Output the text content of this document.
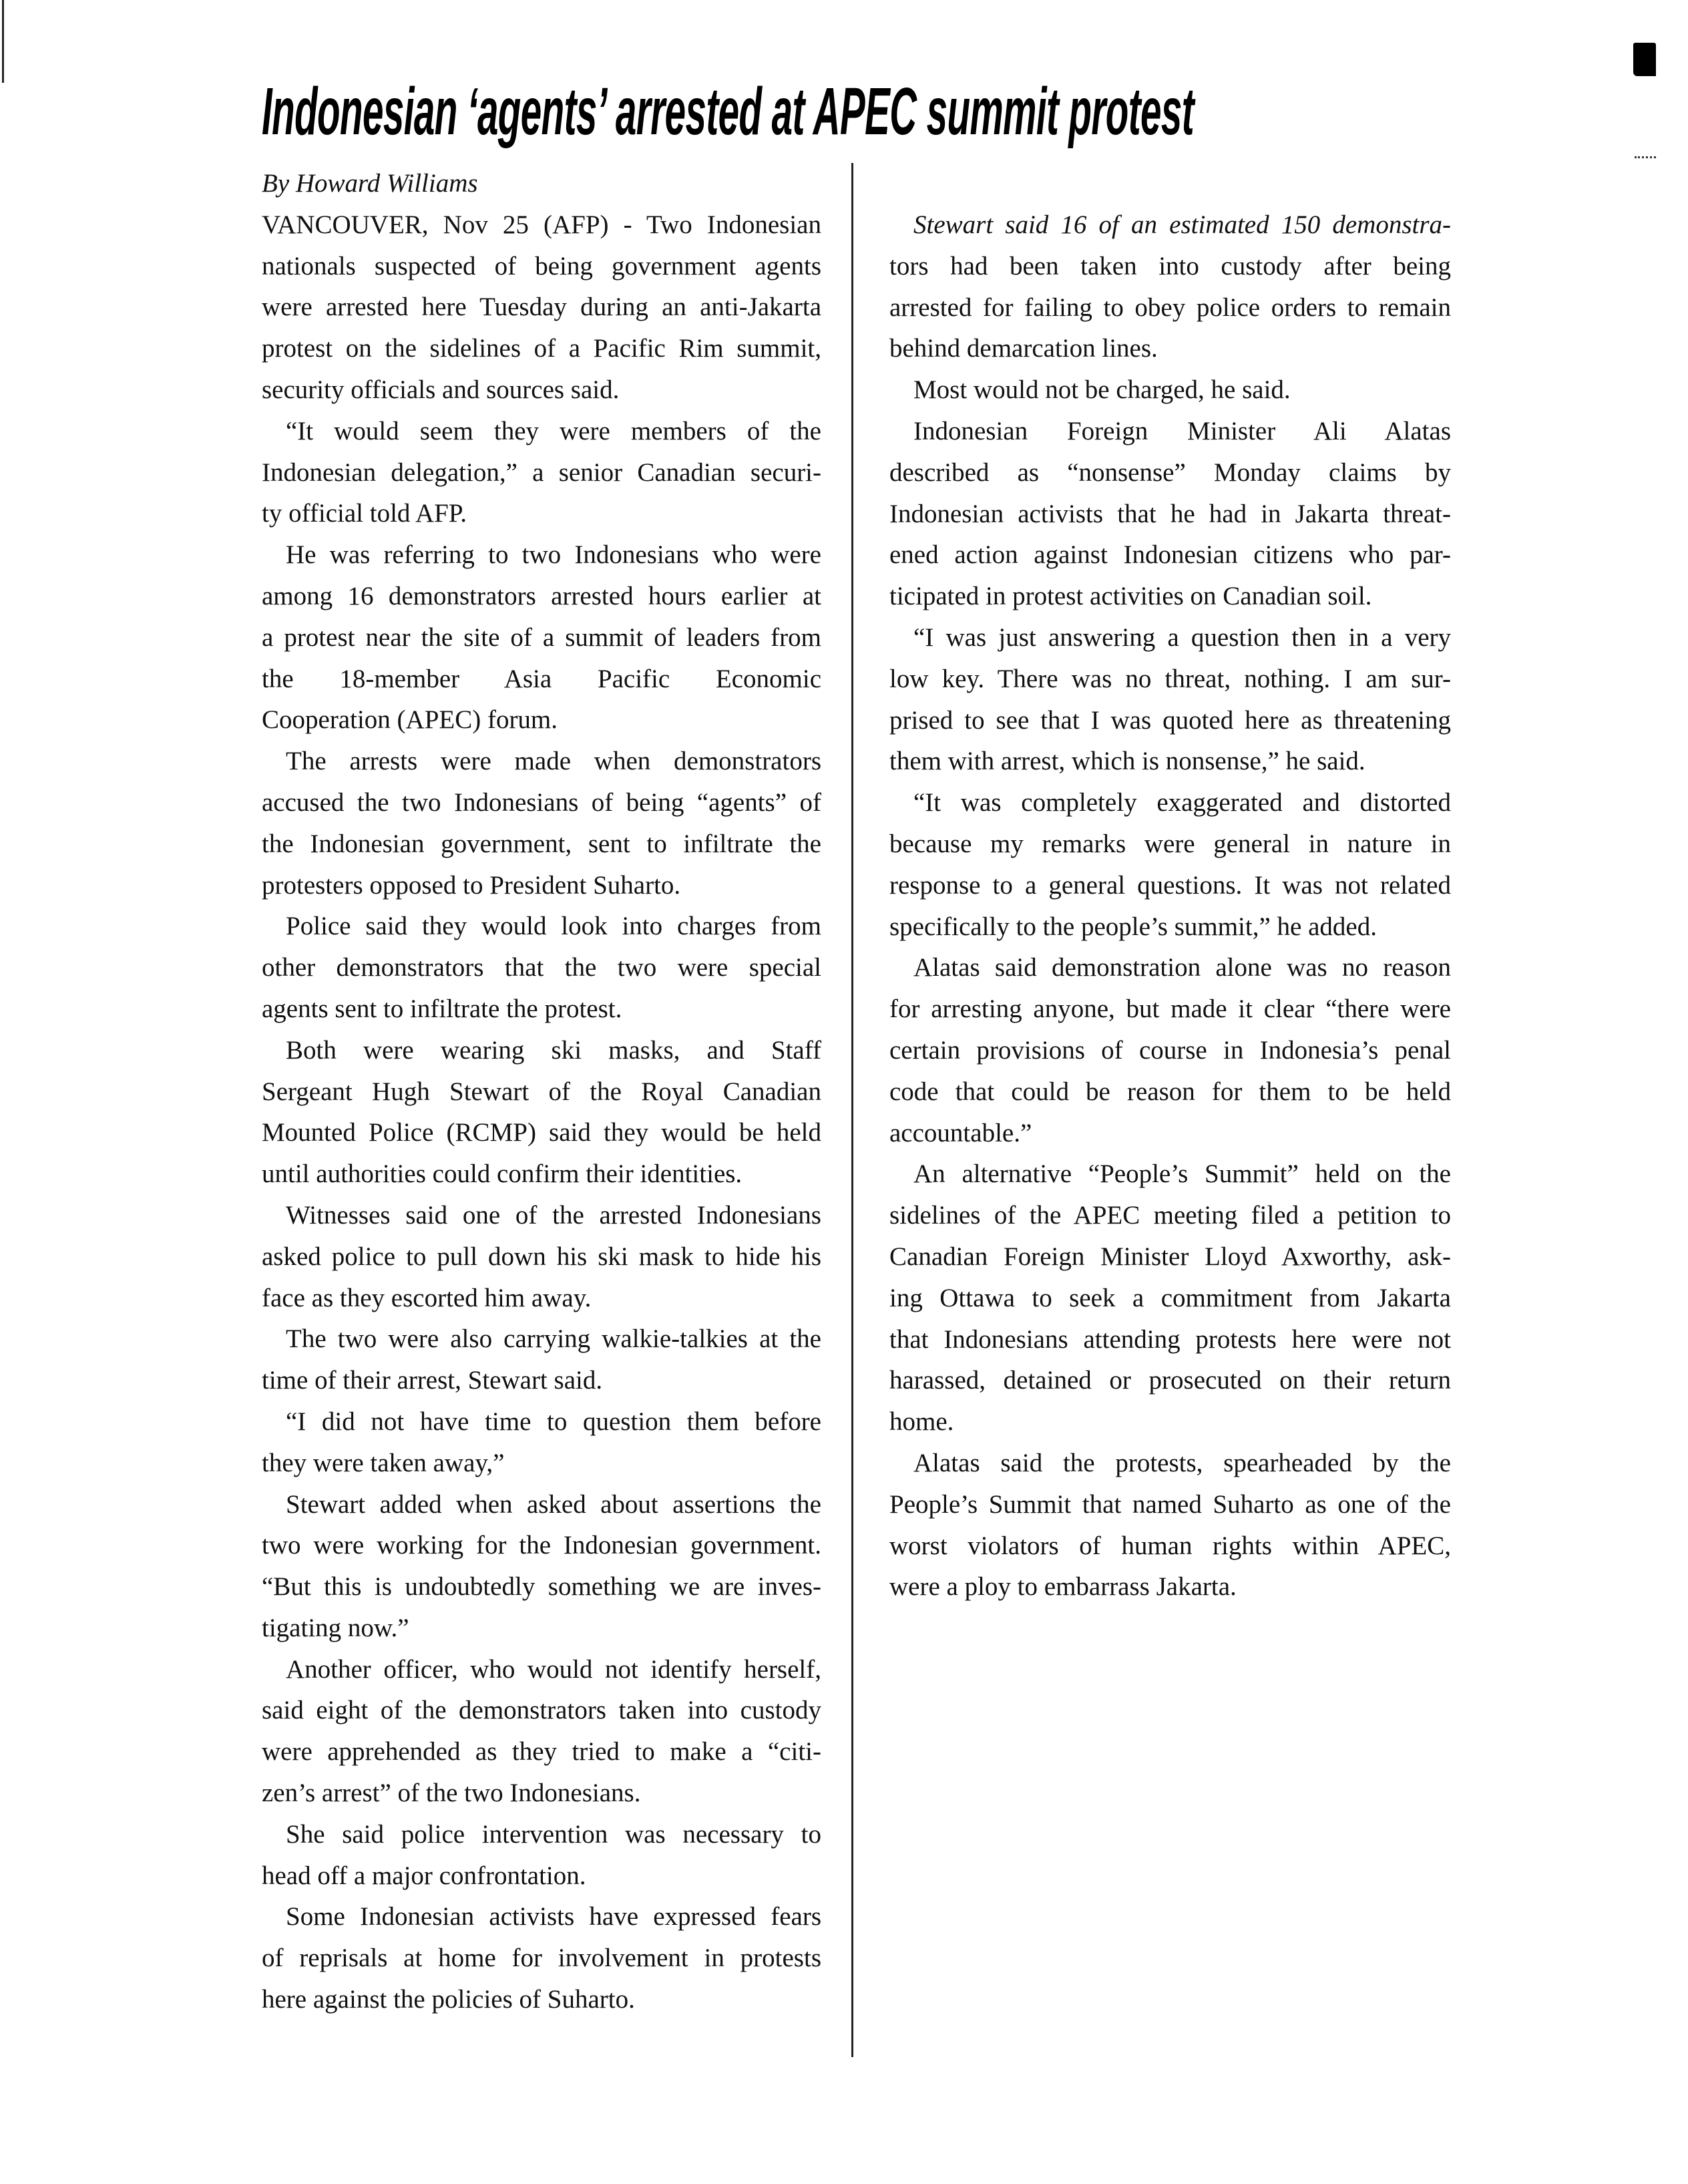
Indonesian ‘agents’ arrested at APEC summit protest
By Howard Williams
VANCOUVER, Nov 25 (AFP) - Two Indonesian
nationals suspected of being government agents
were arrested here Tuesday during an anti-Jakarta
protest on the sidelines of a Pacific Rim summit,
security officials and sources said.
“It would seem they were members of the
Indonesian delegation,” a senior Canadian securi-
ty official told AFP.
He was referring to two Indonesians who were
among 16 demonstrators arrested hours earlier at
a protest near the site of a summit of leaders from
the 18-member Asia Pacific Economic
Cooperation (APEC) forum.
The arrests were made when demonstrators
accused the two Indonesians of being “agents” of
the Indonesian government, sent to infiltrate the
protesters opposed to President Suharto.
Police said they would look into charges from
other demonstrators that the two were special
agents sent to infiltrate the protest.
Both were wearing ski masks, and Staff
Sergeant Hugh Stewart of the Royal Canadian
Mounted Police (RCMP) said they would be held
until authorities could confirm their identities.
Witnesses said one of the arrested Indonesians
asked police to pull down his ski mask to hide his
face as they escorted him away.
The two were also carrying walkie-talkies at the
time of their arrest, Stewart said.
“I did not have time to question them before
they were taken away,”
Stewart added when asked about assertions the
two were working for the Indonesian government.
“But this is undoubtedly something we are inves-
tigating now.”
Another officer, who would not identify herself,
said eight of the demonstrators taken into custody
were apprehended as they tried to make a “citi-
zen’s arrest” of the two Indonesians.
She said police intervention was necessary to
head off a major confrontation.
Some Indonesian activists have expressed fears
of reprisals at home for involvement in protests
here against the policies of Suharto.
Stewart said 16 of an estimated 150 demonstra-
tors had been taken into custody after being
arrested for failing to obey police orders to remain
behind demarcation lines.
Most would not be charged, he said.
Indonesian Foreign Minister Ali Alatas
described as “nonsense” Monday claims by
Indonesian activists that he had in Jakarta threat-
ened action against Indonesian citizens who par-
ticipated in protest activities on Canadian soil.
“I was just answering a question then in a very
low key. There was no threat, nothing. I am sur-
prised to see that I was quoted here as threatening
them with arrest, which is nonsense,” he said.
“It was completely exaggerated and distorted
because my remarks were general in nature in
response to a general questions. It was not related
specifically to the people’s summit,” he added.
Alatas said demonstration alone was no reason
for arresting anyone, but made it clear “there were
certain provisions of course in Indonesia’s penal
code that could be reason for them to be held
accountable.”
An alternative “People’s Summit” held on the
sidelines of the APEC meeting filed a petition to
Canadian Foreign Minister Lloyd Axworthy, ask-
ing Ottawa to seek a commitment from Jakarta
that Indonesians attending protests here were not
harassed, detained or prosecuted on their return
home.
Alatas said the protests, spearheaded by the
People’s Summit that named Suharto as one of the
worst violators of human rights within APEC,
were a ploy to embarrass Jakarta.
